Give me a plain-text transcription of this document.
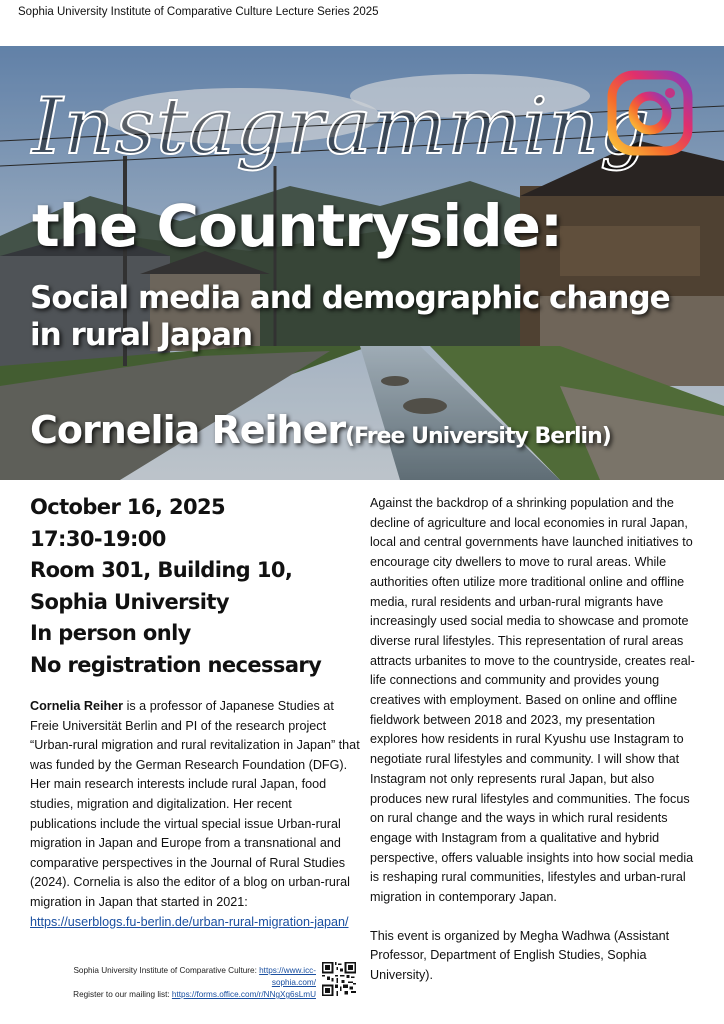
Sophia University Institute of Comparative Culture Lecture Series 2025
Instagramming
the Countryside:
Social media and demographic change in rural Japan
Cornelia Reiher(Free University Berlin)
October 16, 2025
17:30-19:00
Room 301, Building 10,
Sophia University
In person only
No registration necessary
Cornelia Reiher is a professor of Japanese Studies at Freie Universität Berlin and PI of the research project “Urban-rural migration and rural revitalization in Japan” that was funded by the German Research Foundation (DFG). Her main research interests include rural Japan, food studies, migration and digitalization. Her recent publications include the virtual special issue Urban-rural migration in Japan and Europe from a transnational and comparative perspectives in the Journal of Rural Studies (2024). Cornelia is also the editor of a blog on urban-rural migration in Japan that started in 2021: https://userblogs.fu-berlin.de/urban-rural-migration-japan/

Against the backdrop of a shrinking population and the decline of agriculture and local economies in rural Japan, local and central governments have launched initiatives to encourage city dwellers to move to rural areas. While authorities often utilize more traditional online and offline media, rural residents and urban-rural migrants have increasingly used social media to showcase and promote diverse rural lifestyles. This representation of rural areas attracts urbanites to move to the countryside, creates real-life connections and community and provides young creatives with employment. Based on online and offline fieldwork between 2018 and 2023, my presentation explores how residents in rural Kyushu use Instagram to negotiate rural lifestyles and community. I will show that Instagram not only represents rural Japan, but also produces new rural lifestyles and communities. The focus on rural change and the ways in which rural residents engage with Instagram from a qualitative and hybrid perspective, offers valuable insights into how social media is reshaping rural communities, lifestyles and urban-rural migration in contemporary Japan.

This event is organized by Megha Wadhwa (Assistant Professor, Department of English Studies, Sophia University).

Sophia University Institute of Comparative Culture: https://www.icc-sophia.com/
Register to our mailing list: https://forms.office.com/r/NNgXg6sLmU
